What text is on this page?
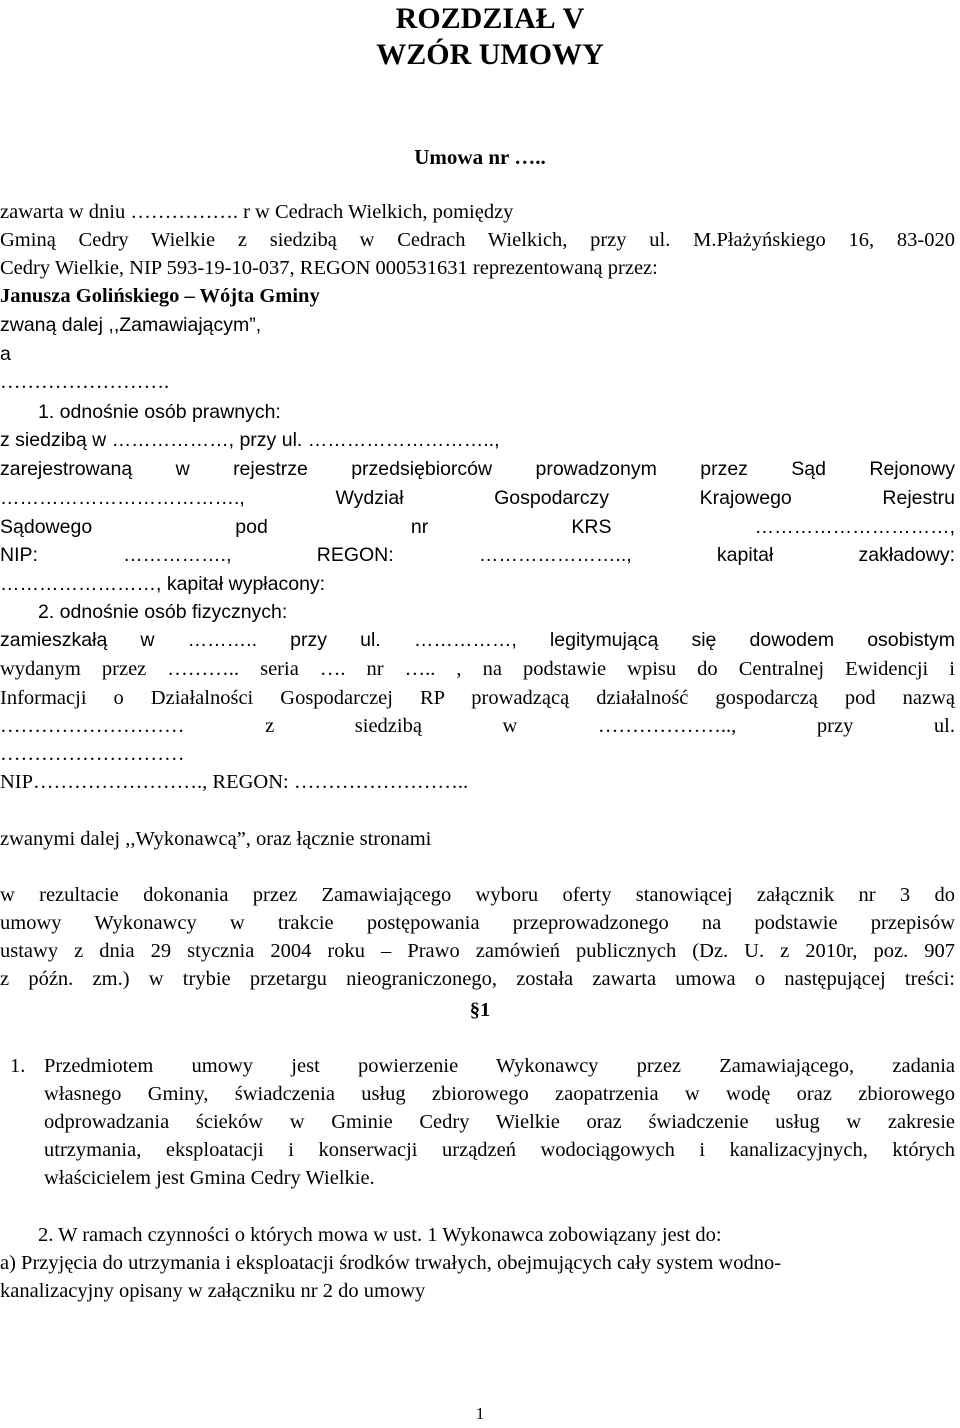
ROZDZIAŁ V
WZÓR UMOWY
Umowa nr …..
zawarta w dniu ……………. r w Cedrach Wielkich, pomiędzy
Gminą Cedry Wielkie z siedzibą w Cedrach Wielkich, przy ul. M.Płażyńskiego 16, 83-020
Cedry Wielkie, NIP 593-19-10-037, REGON 000531631 reprezentowaną przez:
Janusza Golińskiego – Wójta Gminy
zwaną dalej ,,Zamawiającym”,
a
…………………….
1. odnośnie osób prawnych:
z siedzibą w ………………, przy ul. ………………………..,
zarejestrowaną w rejestrze przedsiębiorców prowadzonym przez Sąd Rejonowy
………………………………., Wydział Gospodarczy Krajowego Rejestru
Sądowego pod nr KRS …………………………,
NIP: ……………., REGON: ………………….., kapitał zakładowy:
……………………, kapitał wypłacony:
2. odnośnie osób fizycznych:
zamieszkałą w ……….. przy ul. ……………, legitymującą się dowodem osobistym
wydanym przez ……….. seria …. nr ….. , na podstawie wpisu do Centralnej Ewidencji i
Informacji o Działalności Gospodarczej RP prowadzącą działalność gospodarczą pod nazwą
……………………… z siedzibą w ……………….., przy ul.
………………………
NIP……………………., REGON: ……………………..
zwanymi dalej ,,Wykonawcą”, oraz łącznie stronami
w rezultacie dokonania przez Zamawiającego wyboru oferty stanowiącej załącznik nr 3 do
umowy Wykonawcy w trakcie postępowania przeprowadzonego na podstawie przepisów
ustawy z dnia 29 stycznia 2004 roku – Prawo zamówień publicznych (Dz. U. z 2010r, poz. 907
z późn. zm.) w trybie przetargu nieograniczonego, została zawarta umowa o następującej treści:
§1
1. Przedmiotem umowy jest powierzenie Wykonawcy przez Zamawiającego, zadania
własnego Gminy, świadczenia usług zbiorowego zaopatrzenia w wodę oraz zbiorowego
odprowadzania ścieków w Gminie Cedry Wielkie oraz świadczenie usług w zakresie
utrzymania, eksploatacji i konserwacji urządzeń wodociągowych i kanalizacyjnych, których
właścicielem jest Gmina Cedry Wielkie.
2. W ramach czynności o których mowa w ust. 1 Wykonawca zobowiązany jest do:
a) Przyjęcia do utrzymania i eksploatacji środków trwałych, obejmujących cały system wodno-
kanalizacyjny opisany w załączniku nr 2 do umowy
1
